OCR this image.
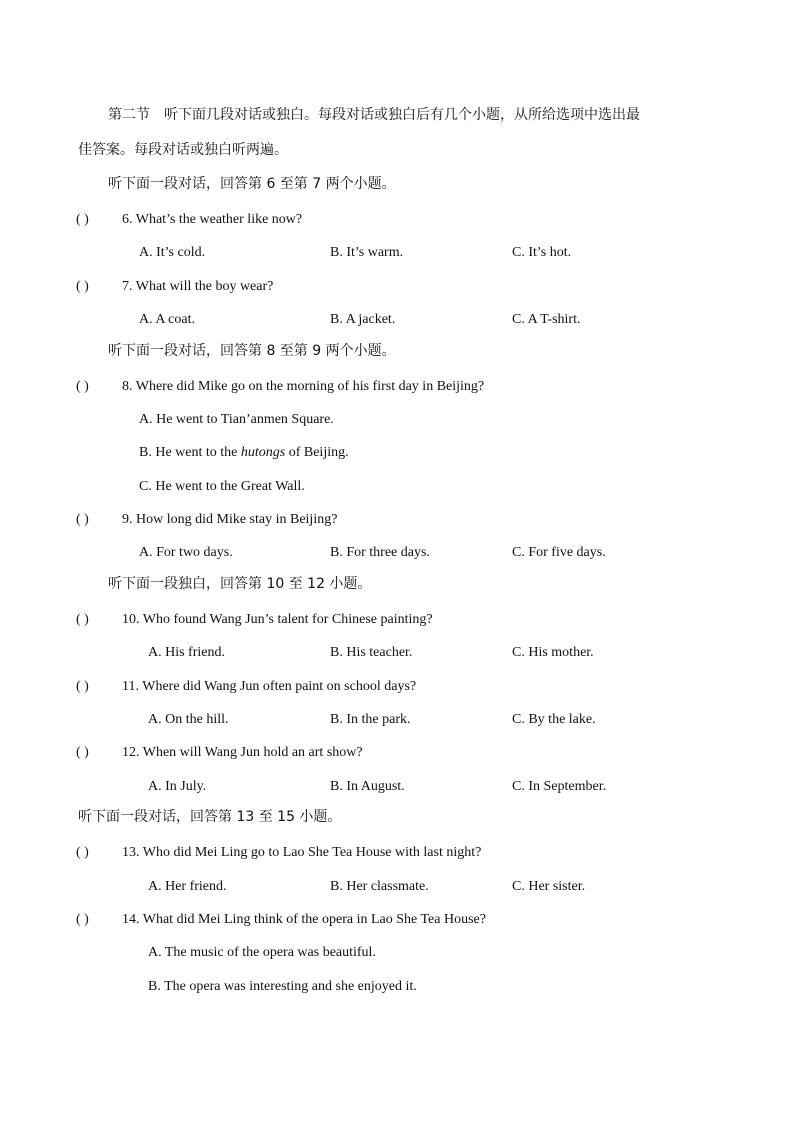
第二节　听下面几段对话或独白。每段对话或独白后有几个小题，从所给选项中选出最
佳答案。每段对话或独白听两遍。
听下面一段对话，回答第 6 至第 7 两个小题。
( ) 6. What’s the weather like now?
A. It’s cold.	B. It’s warm.	C. It’s hot.
( ) 7. What will the boy wear?
A. A coat.	B. A jacket.	C. A T-shirt.
听下面一段对话，回答第 8 至第 9 两个小题。
( ) 8. Where did Mike go on the morning of his first day in Beijing?
A. He went to Tian’anmen Square.
B. He went to the hutongs of Beijing.
C. He went to the Great Wall.
( ) 9. How long did Mike stay in Beijing?
A. For two days.	B. For three days.	C. For five days.
听下面一段独白，回答第 10 至 12 小题。
( ) 10. Who found Wang Jun’s talent for Chinese painting?
A. His friend.	B. His teacher.	C. His mother.
( ) 11. Where did Wang Jun often paint on school days?
A. On the hill.	B. In the park.	C. By the lake.
( ) 12. When will Wang Jun hold an art show?
A. In July.	B. In August.	C. In September.
听下面一段对话，回答第 13 至 15 小题。
( ) 13. Who did Mei Ling go to Lao She Tea House with last night?
A. Her friend.	B. Her classmate.	C. Her sister.
( ) 14. What did Mei Ling think of the opera in Lao She Tea House?
A. The music of the opera was beautiful.
B. The opera was interesting and she enjoyed it.
